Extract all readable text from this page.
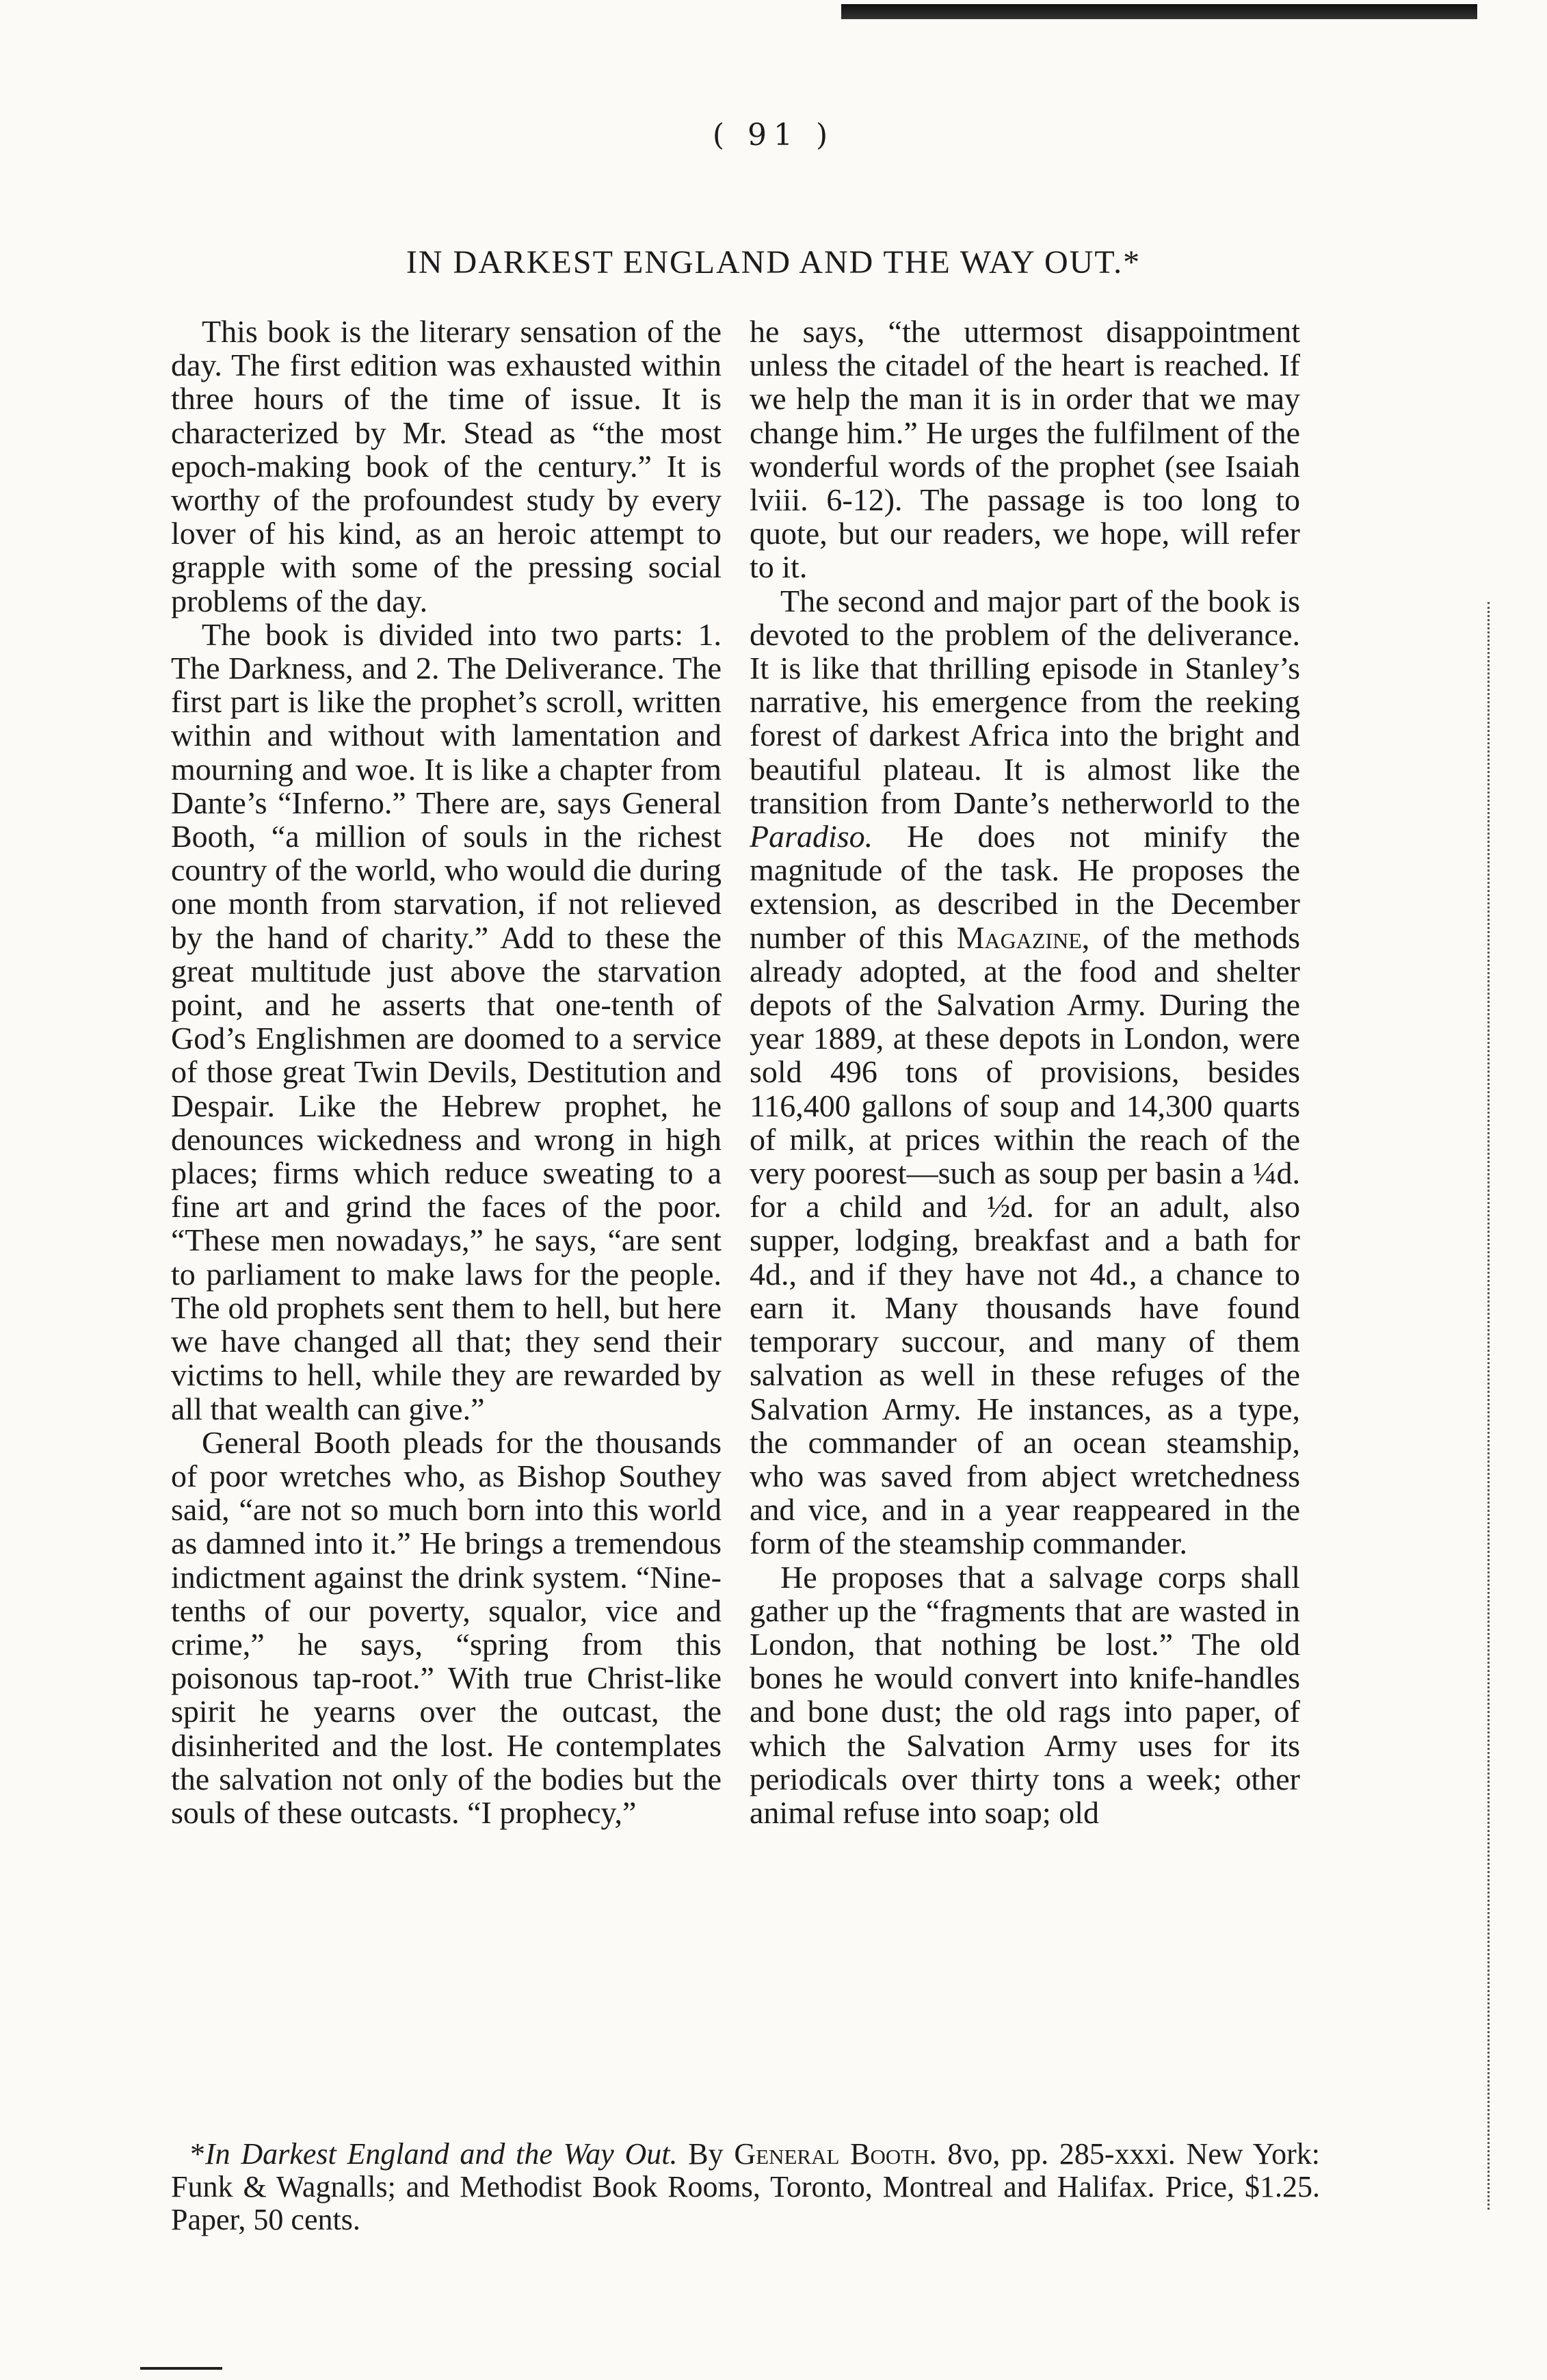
( 91 )
IN DARKEST ENGLAND AND THE WAY OUT.*

This book is the literary sensation of the day. The first edition was exhausted within three hours of the time of issue. It is characterized by Mr. Stead as “the most epoch-making book of the century.” It is worthy of the profoundest study by every lover of his kind, as an heroic attempt to grapple with some of the pressing social problems of the day.

The book is divided into two parts: 1. The Darkness, and 2. The Deliverance. The first part is like the prophet’s scroll, written within and without with lamentation and mourning and woe. It is like a chapter from Dante’s “Inferno.” There are, says General Booth, “a million of souls in the richest country of the world, who would die during one month from starvation, if not relieved by the hand of charity.” Add to these the great multitude just above the starvation point, and he asserts that one-tenth of God’s Englishmen are doomed to a service of those great Twin Devils, Destitution and Despair. Like the Hebrew prophet, he denounces wickedness and wrong in high places; firms which reduce sweating to a fine art and grind the faces of the poor. “These men nowadays,” he says, “are sent to parliament to make laws for the people. The old prophets sent them to hell, but here we have changed all that; they send their victims to hell, while they are rewarded by all that wealth can give.”

General Booth pleads for the thousands of poor wretches who, as Bishop Southey said, “are not so much born into this world as damned into it.” He brings a tremendous indictment against the drink system. “Nine-tenths of our poverty, squalor, vice and crime,” he says, “spring from this poisonous tap-root.” With true Christ-like spirit he yearns over the outcast, the disinherited and the lost. He contemplates the salvation not only of the bodies but the souls of these outcasts. “I prophecy,”

he says, “the uttermost disappointment unless the citadel of the heart is reached. If we help the man it is in order that we may change him.” He urges the fulfilment of the wonderful words of the prophet (see Isaiah lviii. 6-12). The passage is too long to quote, but our readers, we hope, will refer to it.

The second and major part of the book is devoted to the problem of the deliverance. It is like that thrilling episode in Stanley’s narrative, his emergence from the reeking forest of darkest Africa into the bright and beautiful plateau. It is almost like the transition from Dante’s netherworld to the Paradiso. He does not minify the magnitude of the task. He proposes the extension, as described in the December number of this Magazine, of the methods already adopted, at the food and shelter depots of the Salvation Army. During the year 1889, at these depots in London, were sold 496 tons of provisions, besides 116,400 gallons of soup and 14,300 quarts of milk, at prices within the reach of the very poorest—such as soup per basin a ¼d. for a child and ½d. for an adult, also supper, lodging, breakfast and a bath for 4d., and if they have not 4d., a chance to earn it. Many thousands have found temporary succour, and many of them salvation as well in these refuges of the Salvation Army. He instances, as a type, the commander of an ocean steamship, who was saved from abject wretchedness and vice, and in a year reappeared in the form of the steamship commander.

He proposes that a salvage corps shall gather up the “fragments that are wasted in London, that nothing be lost.” The old bones he would convert into knife-handles and bone dust; the old rags into paper, of which the Salvation Army uses for its periodicals over thirty tons a week; other animal refuse into soap; old

*In Darkest England and the Way Out. By General Booth. 8vo, pp. 285-xxxi. New York: Funk & Wagnalls; and Methodist Book Rooms, Toronto, Montreal and Halifax. Price, $1.25. Paper, 50 cents.
